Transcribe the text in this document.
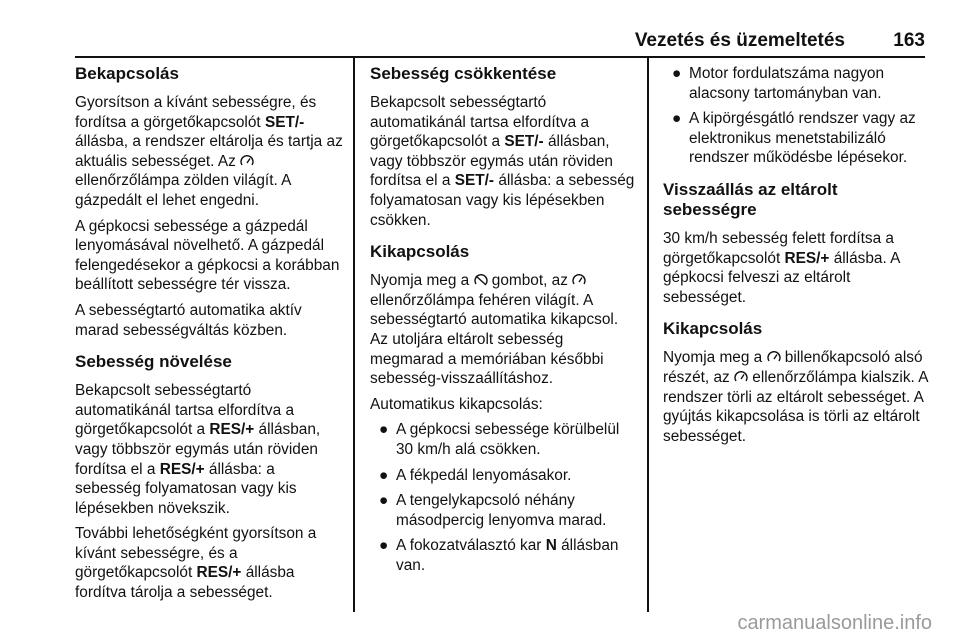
Vezetés és üzemeltetés	163
Bekapcsolás

Gyorsítson a kívánt sebességre, és fordítsa a görgetőkapcsolót SET/- állásba, a rendszer eltárolja és tartja az aktuális sebességet. Az  ellenőrzőlámpa zölden világít. A gázpedált el lehet engedni.

A gépkocsi sebessége a gázpedál lenyomásával növelhető. A gázpedál felengedésekor a gépkocsi a korábban beállított sebességre tér vissza.

A sebességtartó automatika aktív marad sebességváltás közben.

Sebesség növelése

Bekapcsolt sebességtartó automatikánál tartsa elfordítva a görgetőkapcsolót a RES/+ állásban, vagy többször egymás után röviden fordítsa el a RES/+ állásba: a sebesség folyamatosan vagy kis lépésekben növekszik.

További lehetőségként gyorsítson a kívánt sebességre, és a görgetőkapcsolót RES/+ állásba fordítva tárolja a sebességet.

Sebesség csökkentése

Bekapcsolt sebességtartó automatikánál tartsa elfordítva a görgetőkapcsolót a SET/- állásban, vagy többször egymás után röviden fordítsa el a SET/- állásba: a sebesség folyamatosan vagy kis lépésekben csökken.

Kikapcsolás

Nyomja meg a  gombot, az  ellenőrzőlámpa fehéren világít. A sebességtartó automatika kikapcsol. Az utoljára eltárolt sebesség megmarad a memóriában későbbi sebesség-visszaállításhoz.

Automatikus kikapcsolás:

● A gépkocsi sebessége körülbelül 30 km/h alá csökken.
● A fékpedál lenyomásakor.
● A tengelykapcsoló néhány másodpercig lenyomva marad.
● A fokozatválasztó kar N állásban van.
● Motor fordulatszáma nagyon alacsony tartományban van.
● A kipörgésgátló rendszer vagy az elektronikus menetstabilizáló rendszer működésbe lépésekor.
Visszaállás az eltárolt sebességre

30 km/h sebesség felett fordítsa a görgetőkapcsolót RES/+ állásba. A gépkocsi felveszi az eltárolt sebességet.

Kikapcsolás

Nyomja meg a  billenőkapcsoló alsó részét, az  ellenőrzőlámpa kialszik. A rendszer törli az eltárolt sebességet. A gyújtás kikapcsolása is törli az eltárolt sebességet.

carmanualsonline.info
